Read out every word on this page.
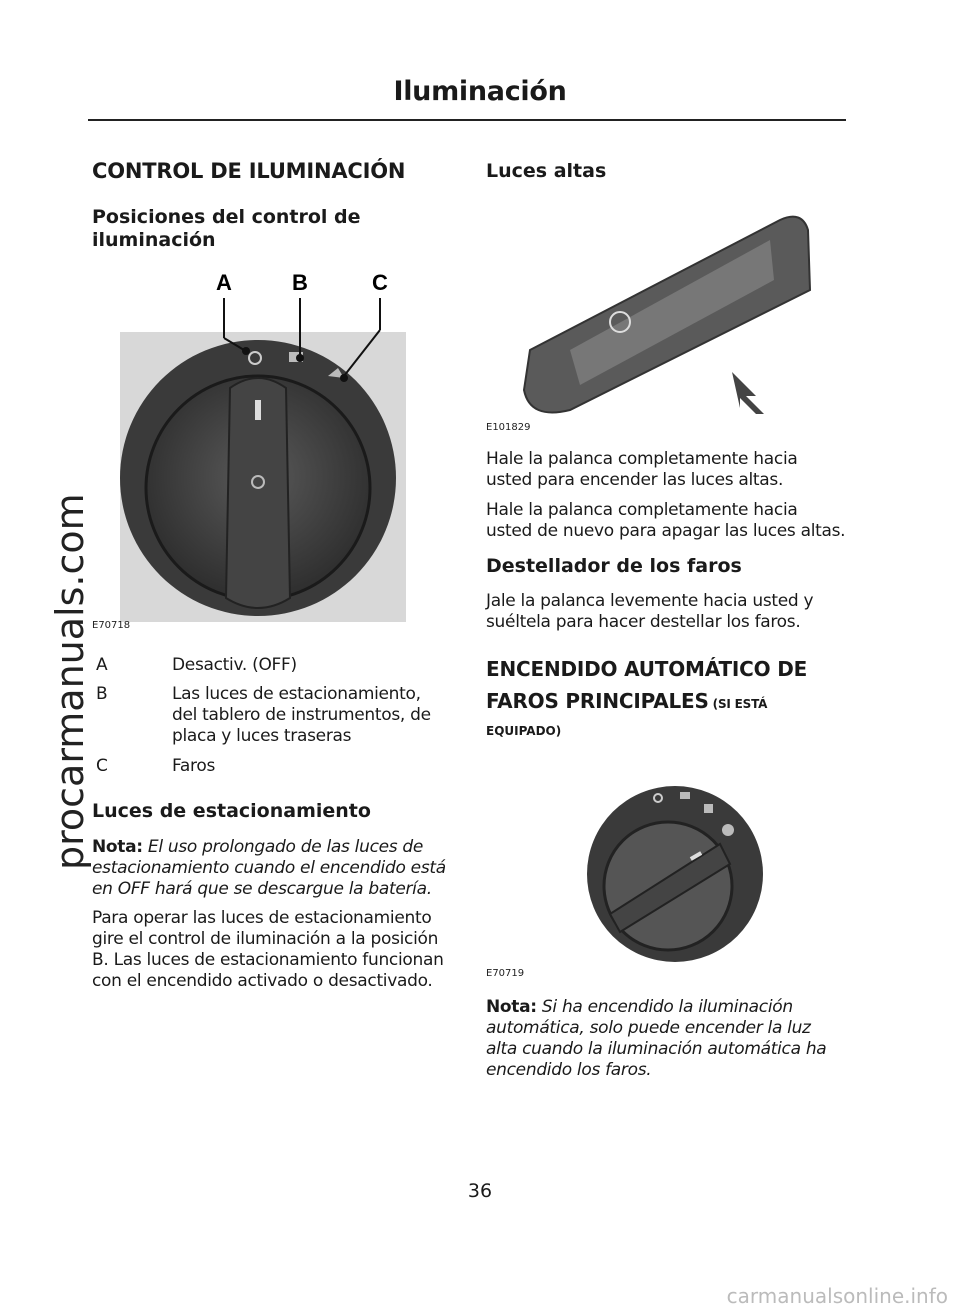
Iluminación
procarmanuals.com
CONTROL DE ILUMINACIÓN
Posiciones del control de iluminación
A	B	C
E70718
A	Desactiv. (OFF)
B	Las luces de estacionamiento, del tablero de instrumentos, de placa y luces traseras
C	Faros
Luces de estacionamiento

Nota: El uso prolongado de las luces de estacionamiento cuando el encendido está en OFF hará que se descargue la batería.

Para operar las luces de estacionamiento gire el control de iluminación a la posición B. Las luces de estacionamiento funcionan con el encendido activado o desactivado.

Luces altas
E101829

Hale la palanca completamente hacia usted para encender las luces altas.

Hale la palanca completamente hacia usted de nuevo para apagar las luces altas.

Destellador de los faros

Jale la palanca levemente hacia usted y suéltela para hacer destellar los faros.

ENCENDIDO AUTOMÁTICO DE
FAROS PRINCIPALES (SI ESTÁ
EQUIPADO)
E70719

Nota: Si ha encendido la iluminación automática, solo puede encender la luz alta cuando la iluminación automática ha encendido los faros.

36
carmanualsonline.info
